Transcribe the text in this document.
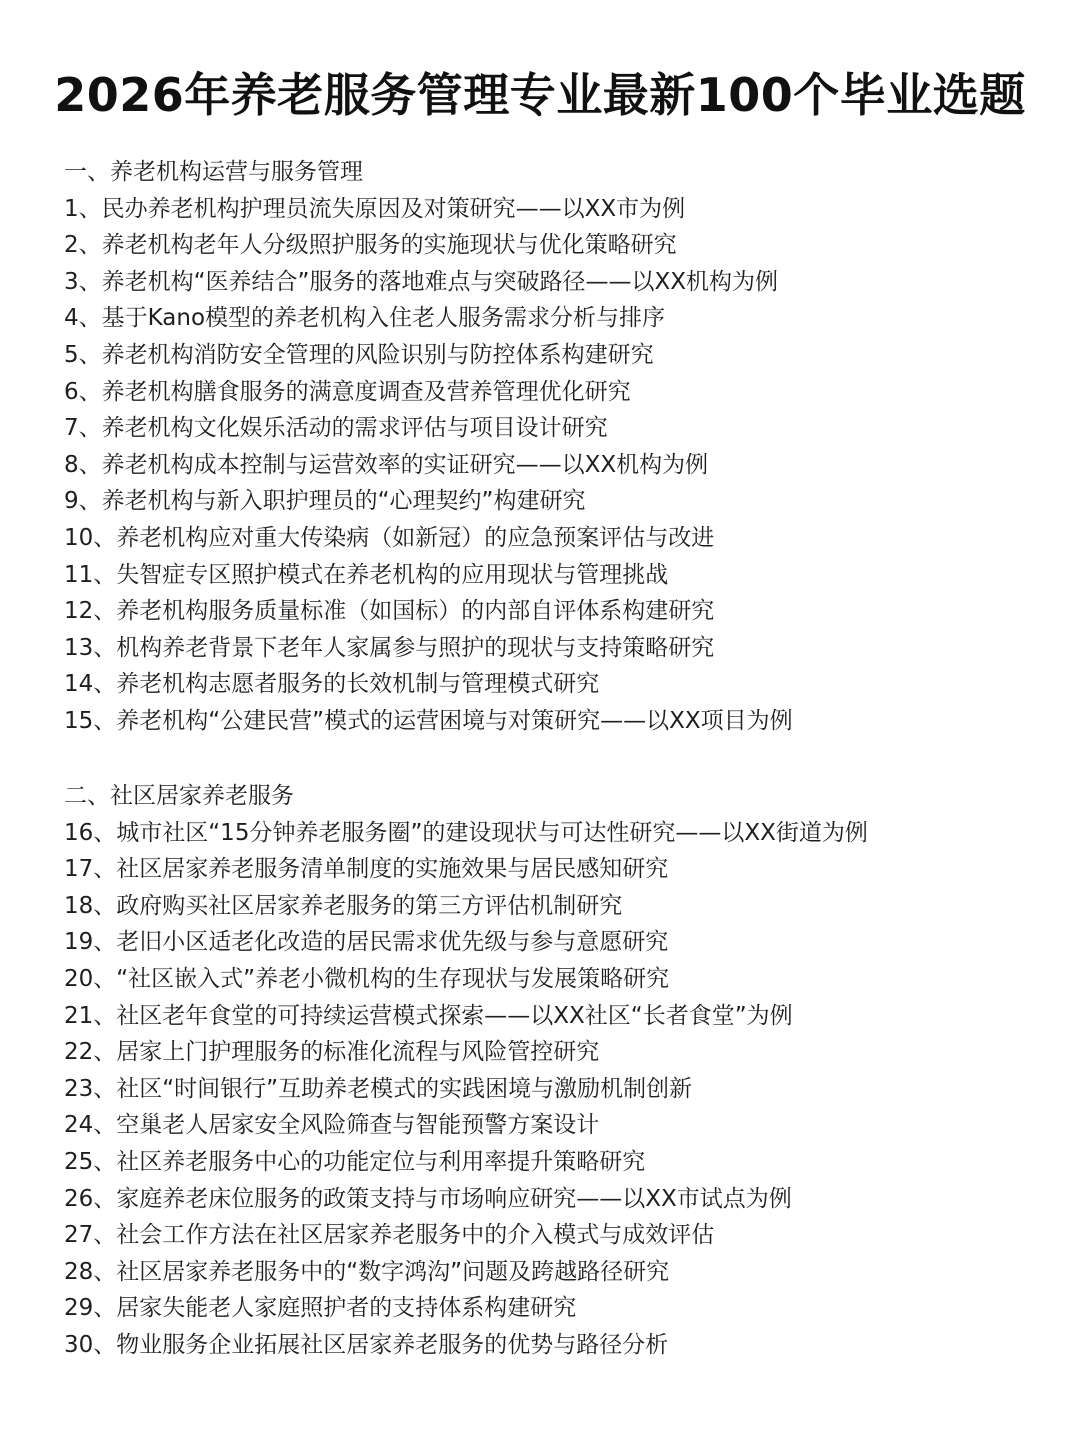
2026年养老服务管理专业最新100个毕业选题
一、养老机构运营与服务管理
1、民办养老机构护理员流失原因及对策研究——以XX市为例
2、养老机构老年人分级照护服务的实施现状与优化策略研究
3、养老机构“医养结合”服务的落地难点与突破路径——以XX机构为例
4、基于Kano模型的养老机构入住老人服务需求分析与排序
5、养老机构消防安全管理的风险识别与防控体系构建研究
6、养老机构膳食服务的满意度调查及营养管理优化研究
7、养老机构文化娱乐活动的需求评估与项目设计研究
8、养老机构成本控制与运营效率的实证研究——以XX机构为例
9、养老机构与新入职护理员的“心理契约”构建研究
10、养老机构应对重大传染病（如新冠）的应急预案评估与改进
11、失智症专区照护模式在养老机构的应用现状与管理挑战
12、养老机构服务质量标准（如国标）的内部自评体系构建研究
13、机构养老背景下老年人家属参与照护的现状与支持策略研究
14、养老机构志愿者服务的长效机制与管理模式研究
15、养老机构“公建民营”模式的运营困境与对策研究——以XX项目为例
二、社区居家养老服务
16、城市社区“15分钟养老服务圈”的建设现状与可达性研究——以XX街道为例
17、社区居家养老服务清单制度的实施效果与居民感知研究
18、政府购买社区居家养老服务的第三方评估机制研究
19、老旧小区适老化改造的居民需求优先级与参与意愿研究
20、“社区嵌入式”养老小微机构的生存现状与发展策略研究
21、社区老年食堂的可持续运营模式探索——以XX社区“长者食堂”为例
22、居家上门护理服务的标准化流程与风险管控研究
23、社区“时间银行”互助养老模式的实践困境与激励机制创新
24、空巢老人居家安全风险筛查与智能预警方案设计
25、社区养老服务中心的功能定位与利用率提升策略研究
26、家庭养老床位服务的政策支持与市场响应研究——以XX市试点为例
27、社会工作方法在社区居家养老服务中的介入模式与成效评估
28、社区居家养老服务中的“数字鸿沟”问题及跨越路径研究
29、居家失能老人家庭照护者的支持体系构建研究
30、物业服务企业拓展社区居家养老服务的优势与路径分析
